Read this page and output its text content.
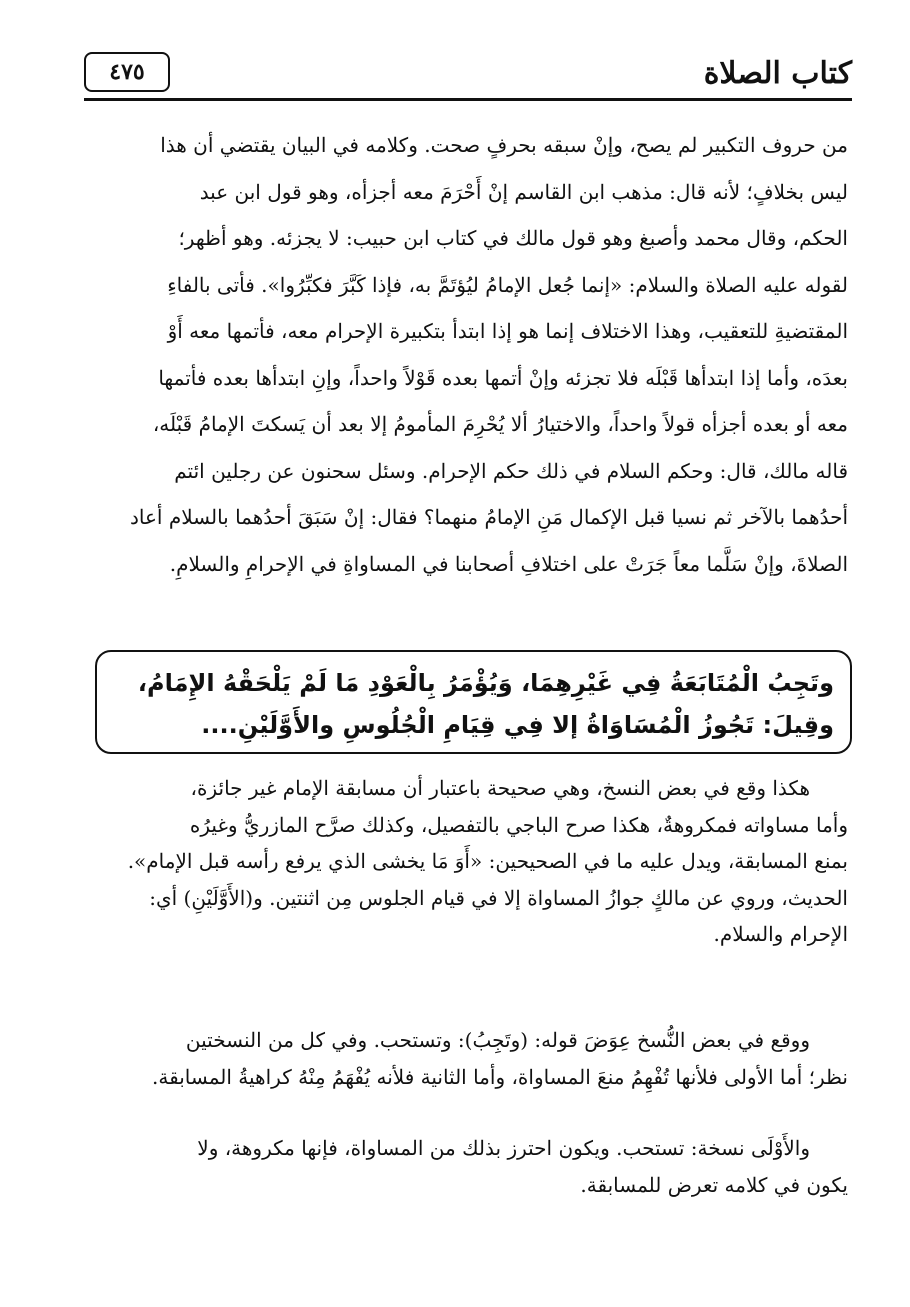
كتاب الصلاة
٤٧٥
من حروف التكبير لم يصح، وإنْ سبقه بحرفٍ صحت. وكلامه في البيان يقتضي أن هذا
ليس بخلافٍ؛ لأنه قال: مذهب ابن القاسم إنْ أَحْرَمَ معه أجزأه، وهو قول ابن عبد
الحكم، وقال محمد وأصبغ وهو قول مالك في كتاب ابن حبيب: لا يجزئه. وهو أظهر؛
لقوله عليه الصلاة والسلام: «إنما جُعل الإمامُ ليُؤتَمَّ به، فإذا كَبَّرَ فكبِّرُوا». فأتى بالفاءِ
المقتضيةِ للتعقيب، وهذا الاختلاف إنما هو إذا ابتدأ بتكبيرة الإحرام معه، فأتمها معه أَوْ
بعدَه، وأما إذا ابتدأها قَبْلَه فلا تجزئه وإنْ أتمها بعده قَوْلاً واحداً، وإنِ ابتدأها بعده فأتمها
معه أو بعده أجزأه قولاً واحداً، والاختيارُ ألا يُحْرِمَ المأمومُ إلا بعد أن يَسكتَ الإمامُ قَبْلَه،
قاله مالك، قال: وحكم السلام في ذلك حكم الإحرام. وسئل سحنون عن رجلين ائتم
أحدُهما بالآخر ثم نسيا قبل الإكمال مَنِ الإمامُ منهما؟ فقال: إنْ سَبَقَ أحدُهما بالسلام أعاد
الصلاةَ، وإنْ سَلَّما معاً جَرَتْ على اختلافِ أصحابنا في المساواةِ في الإحرامِ والسلامِ.
وتَجِبُ الْمُتَابَعَةُ فِي غَيْرِهِمَا، وَيُؤْمَرُ بِالْعَوْدِ مَا لَمْ يَلْحَقْهُ الإِمَامُ،
وقِيلَ: تَجُوزُ الْمُسَاوَاةُ إلا فِي قِيَامِ الْجُلُوسِ والأَوَّلَيْنِ....
هكذا وقع في بعض النسخ، وهي صحيحة باعتبار أن مسابقة الإمام غير جائزة،
وأما مساواته فمكروهةٌ، هكذا صرح الباجي بالتفصيل، وكذلك صرَّح المازريُّ وغيرُه
بمنع المسابقة، ويدل عليه ما في الصحيحين: «أَوَ مَا يخشى الذي يرفع رأسه قبل الإمام».
الحديث، وروي عن مالكٍ جوازُ المساواة إلا في قيام الجلوس مِن اثنتين. و(الأَوَّلَيْنِ) أي:
الإحرام والسلام.
ووقع في بعض النُّسخ عِوَضَ قوله: (وتَجِبُ): وتستحب. وفي كل من النسختين
نظر؛ أما الأولى فلأنها تُفْهِمُ منعَ المساواة، وأما الثانية فلأنه يُفْهَمُ مِنْهُ كراهيةُ المسابقة.
والأَوْلَى نسخة: تستحب. ويكون احترز بذلك من المساواة، فإنها مكروهة، ولا
يكون في كلامه تعرض للمسابقة.
